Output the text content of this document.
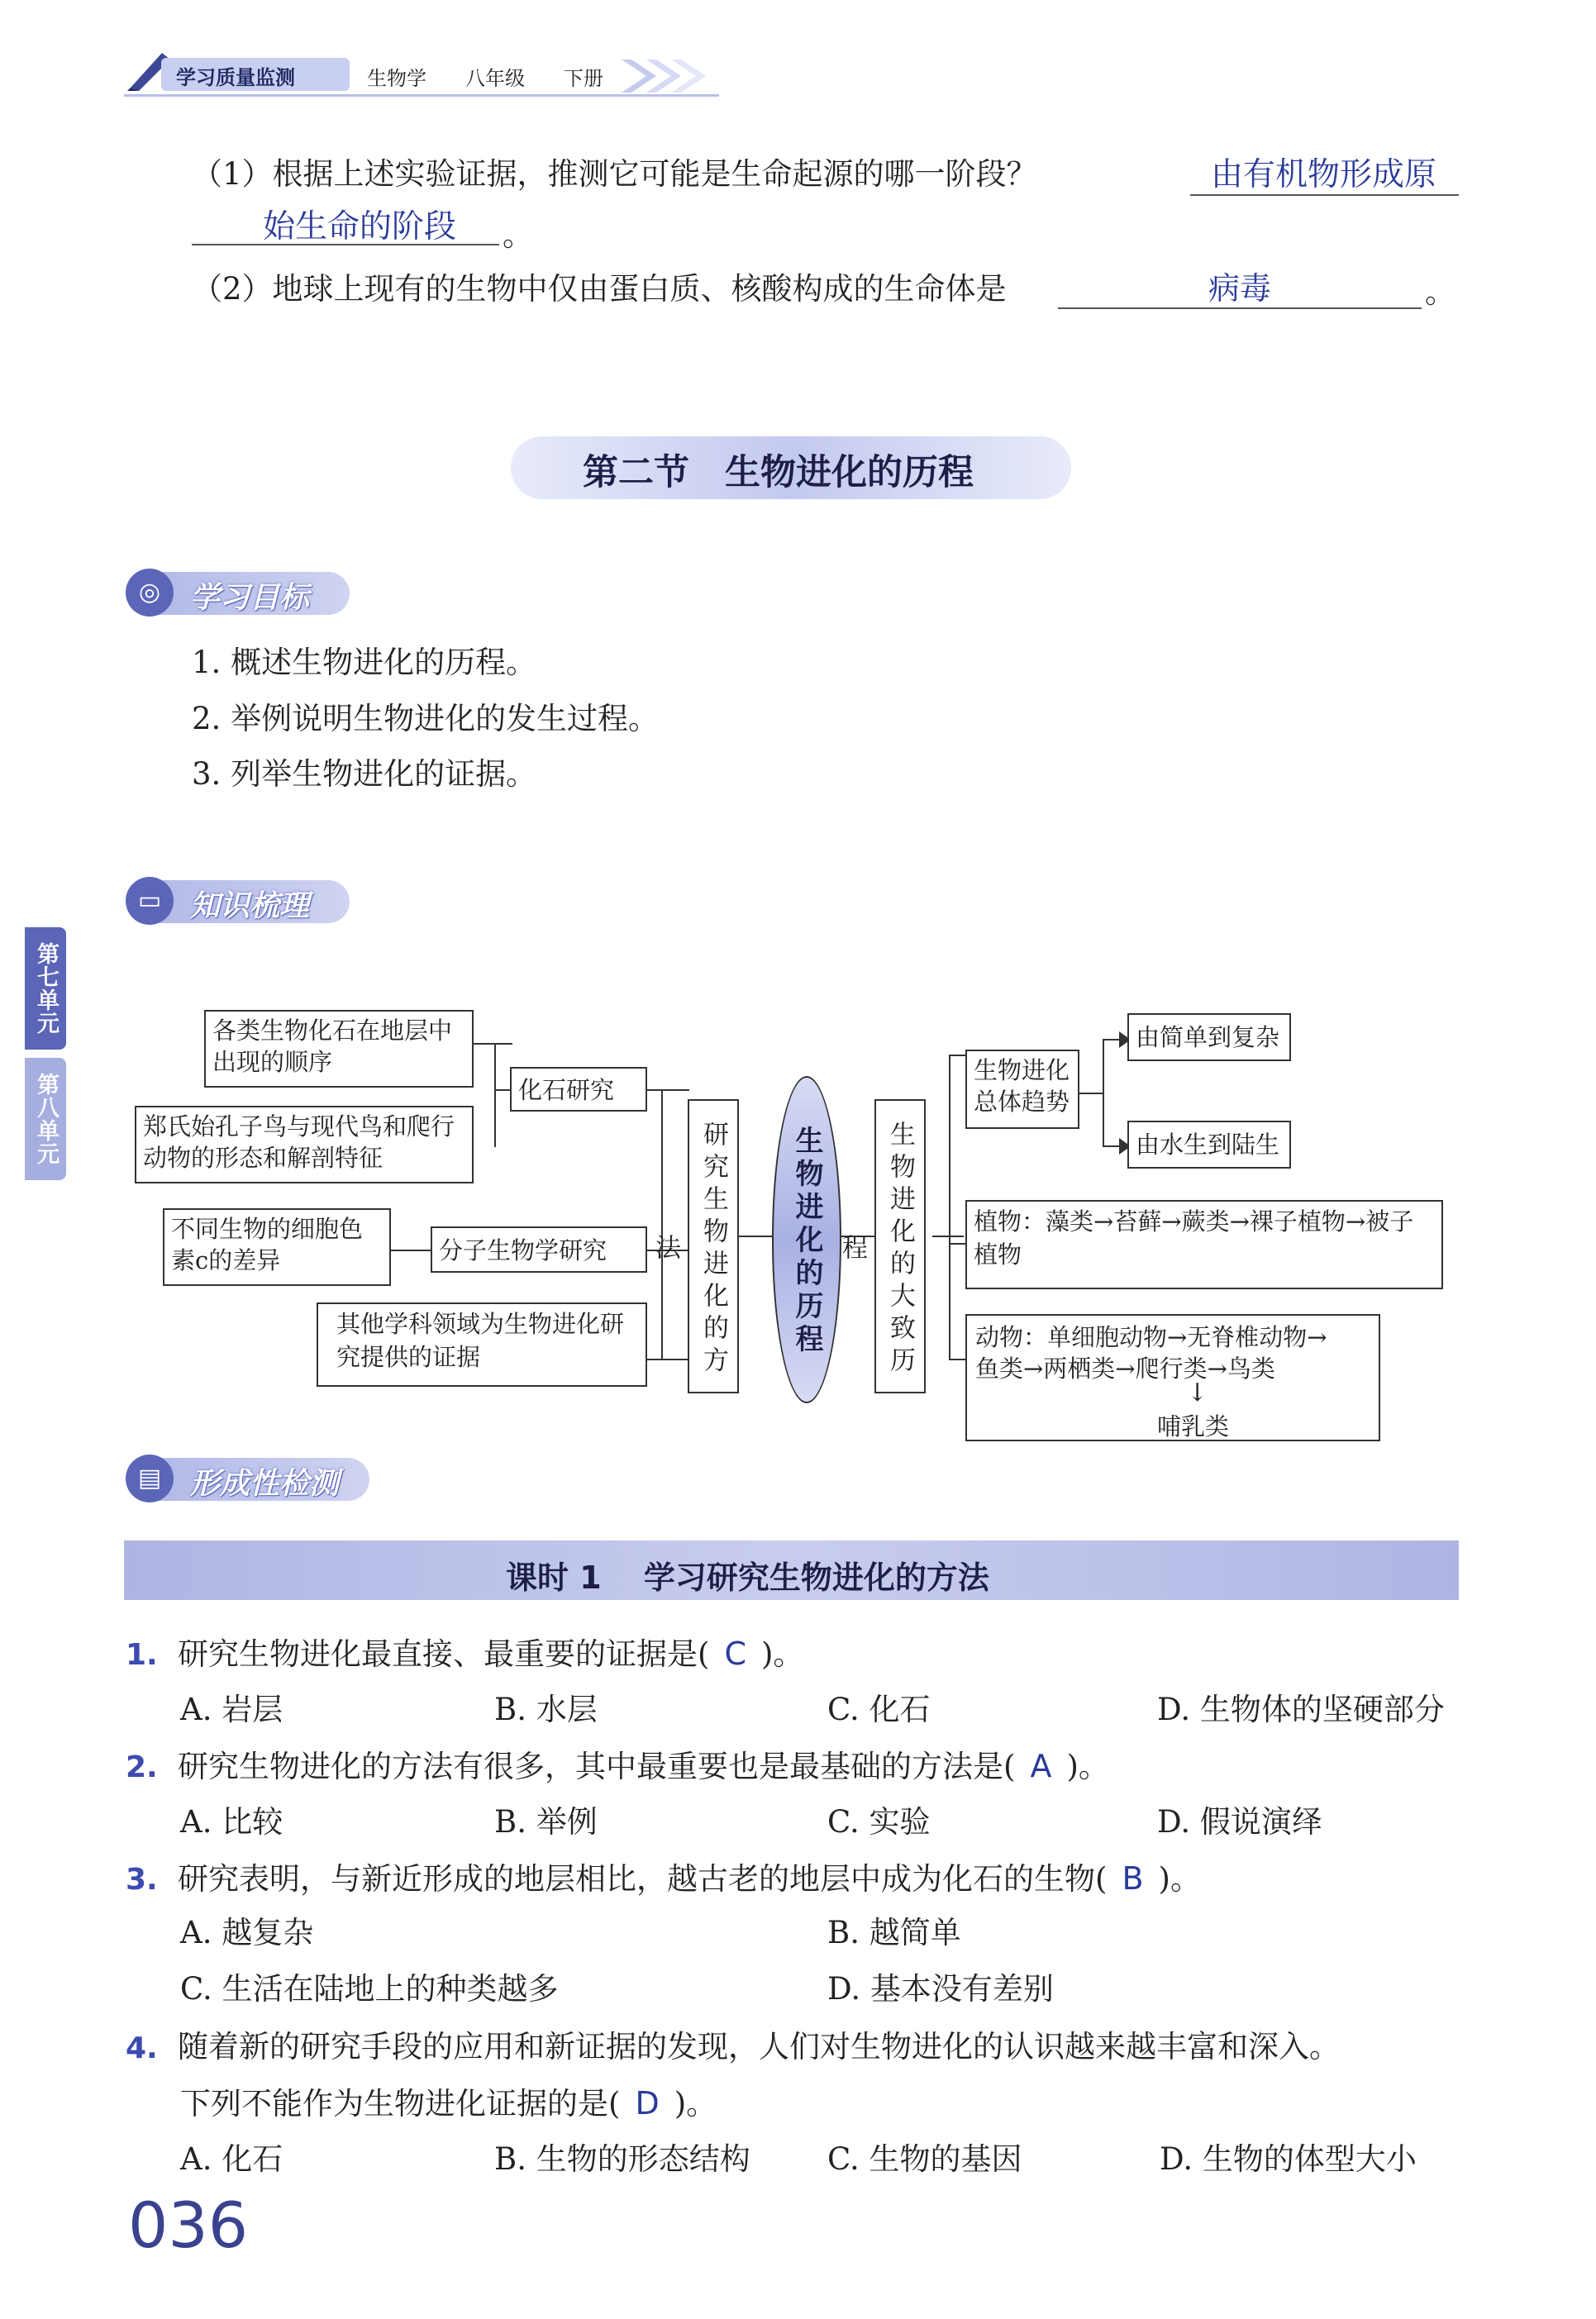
学习质量监测	生物学 八年级 下册
（1）根据上述实验证据，推测它可能是生命起源的哪一阶段？	由有机物形成原
始生命的阶段 。
（2）地球上现有的生物中仅由蛋白质、核酸构成的生命体是	病毒	。
第二节　生物进化的历程
◎ 学习目标
1. 概述生物进化的历程。
2. 举例说明生物进化的发生过程。
3. 列举生物进化的证据。
▭ 知识梳理
第七单元
第八单元
各类生物化石在地层中出现的顺序
郑氏始孔子鸟与现代鸟和爬行动物的形态和解剖特征
化石研究
不同生物的细胞色素c的差异	分子生物学研究
其他学科领域为生物进化研究提供的证据	研究生物进化的方法	生物进化的历程	生物进化的大致历程
生物进化总体趋势
由简单到复杂
由水生到陆生
植物：藻类→苔藓→蕨类→裸子植物→被子植物
动物：单细胞动物→无脊椎动物→
鱼类→两栖类→爬行类→鸟类
↓
哺乳类
▤ 形成性检测
课时 1　 学习研究生物进化的方法
1. 研究生物进化最直接、最重要的证据是( C )。
A. 岩层	B. 水层	C. 化石	D. 生物体的坚硬部分
2. 研究生物进化的方法有很多，其中最重要也是最基础的方法是( A )。
A. 比较	B. 举例	C. 实验	D. 假说演绎
3. 研究表明，与新近形成的地层相比，越古老的地层中成为化石的生物( B )。
A. 越复杂	B. 越简单
C. 生活在陆地上的种类越多	D. 基本没有差别
4. 随着新的研究手段的应用和新证据的发现，人们对生物进化的认识越来越丰富和深入。
下列不能作为生物进化证据的是( D )。
A. 化石	B. 生物的形态结构	C. 生物的基因	D. 生物的体型大小
036
